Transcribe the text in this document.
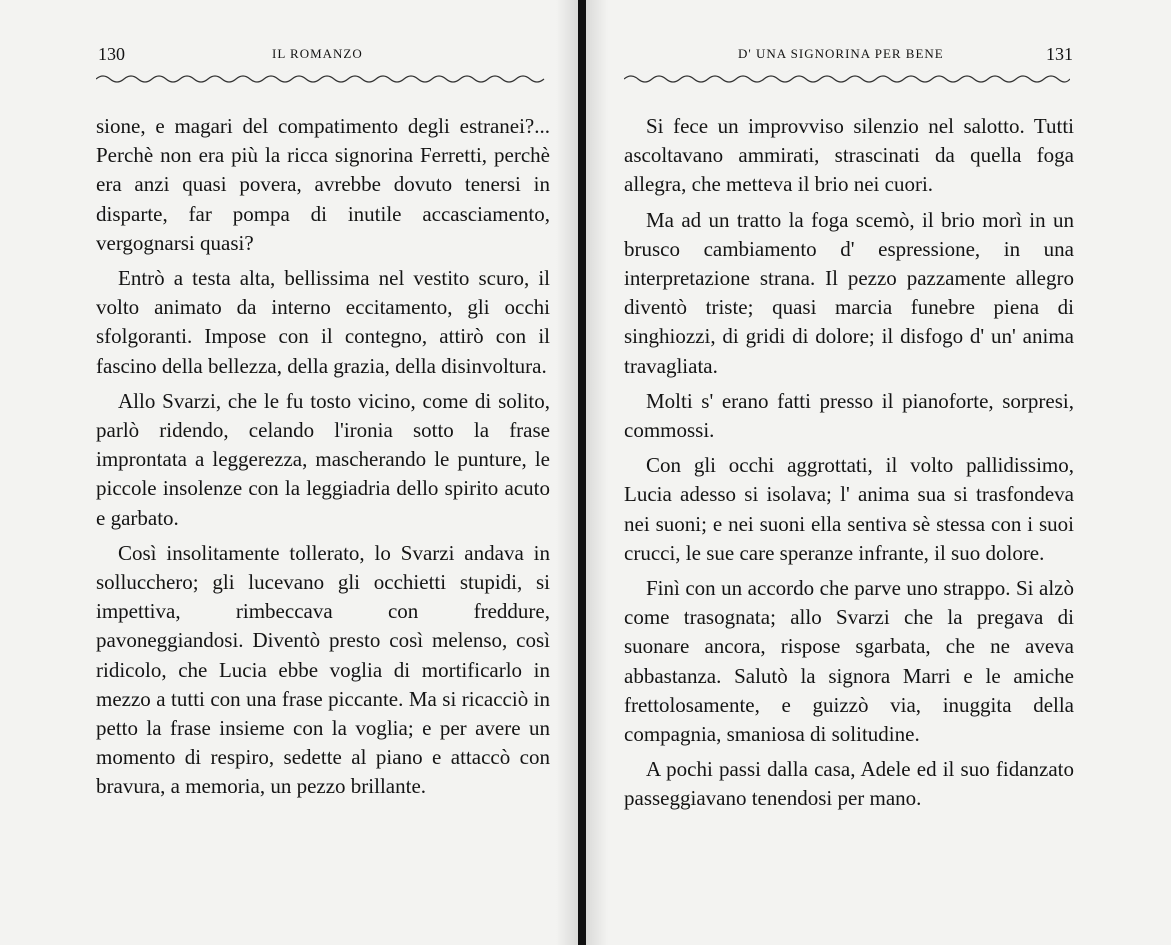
130	IL ROMANZO

sione, e magari del compatimento degli estranei?... Perchè non era più la ricca signorina Ferretti, perchè era anzi quasi povera, avrebbe dovuto tenersi in disparte, far pompa di inutile accasciamento, vergognarsi quasi?

Entrò a testa alta, bellissima nel vestito scuro, il volto animato da interno eccitamento, gli occhi sfolgoranti. Impose con il contegno, attirò con il fascino della bellezza, della grazia, della disinvoltura.

Allo Svarzi, che le fu tosto vicino, come di solito, parlò ridendo, celando l'ironia sotto la frase improntata a leggerezza, mascherando le punture, le piccole insolenze con la leggiadria dello spirito acuto e garbato.

Così insolitamente tollerato, lo Svarzi andava in sollucchero; gli lucevano gli occhietti stupidi, si impettiva, rimbeccava con freddure, pavoneggiandosi. Diventò presto così melenso, così ridicolo, che Lucia ebbe voglia di mortificarlo in mezzo a tutti con una frase piccante. Ma si ricacciò in petto la frase insieme con la voglia; e per avere un momento di respiro, sedette al piano e attaccò con bravura, a memoria, un pezzo brillante.

D' UNA SIGNORINA PER BENE	131

Si fece un improvviso silenzio nel salotto. Tutti ascoltavano ammirati, strascinati da quella foga allegra, che metteva il brio nei cuori.

Ma ad un tratto la foga scemò, il brio morì in un brusco cambiamento d' espressione, in una interpretazione strana. Il pezzo pazzamente allegro diventò triste; quasi marcia funebre piena di singhiozzi, di gridi di dolore; il disfogo d' un' anima travagliata.

Molti s' erano fatti presso il pianoforte, sorpresi, commossi.

Con gli occhi aggrottati, il volto pallidissimo, Lucia adesso si isolava; l' anima sua si trasfondeva nei suoni; e nei suoni ella sentiva sè stessa con i suoi crucci, le sue care speranze infrante, il suo dolore.

Finì con un accordo che parve uno strappo. Si alzò come trasognata; allo Svarzi che la pregava di suonare ancora, rispose sgarbata, che ne aveva abbastanza. Salutò la signora Marri e le amiche frettolosamente, e guizzò via, inuggita della compagnia, smaniosa di solitudine.

A pochi passi dalla casa, Adele ed il suo fidanzato passeggiavano tenendosi per mano.
